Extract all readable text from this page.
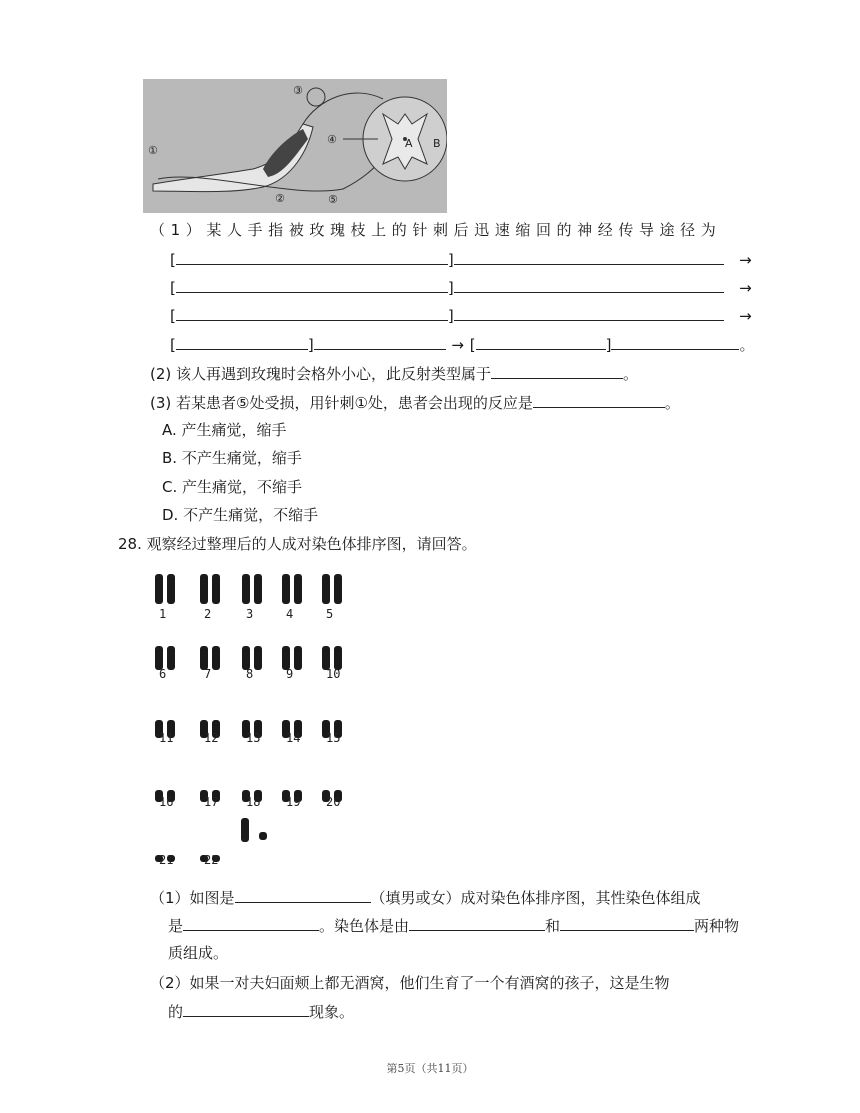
①
②
③
④
⑤
A B
（1）某人手指被玫瑰枝上的针刺后迅速缩回的神经传导途径为
[	]	→
[	]	→
[	]	→
[	]	→ [	]	。
(2) 该人再遇到玫瑰时会格外小心，此反射类型属于	。
(3) 若某患者⑤处受损，用针刺①处，患者会出现的反应是	。
A. 产生痛觉，缩手
B. 不产生痛觉，缩手
C. 产生痛觉，不缩手
D. 不产生痛觉，不缩手
28. 观察经过整理后的人成对染色体排序图，请回答。
1	2	3	4	5
6	7	8	9	10
11	12 13 14 15
16	17 18 19 20
21	22
（1）如图是	（填男或女）成对染色体排序图，其性染色体组成
是	。染色体是由	和	两种物
质组成。
（2）如果一对夫妇面颊上都无酒窝，他们生育了一个有酒窝的孩子，这是生物
的	现象。
第5页（共11页）
